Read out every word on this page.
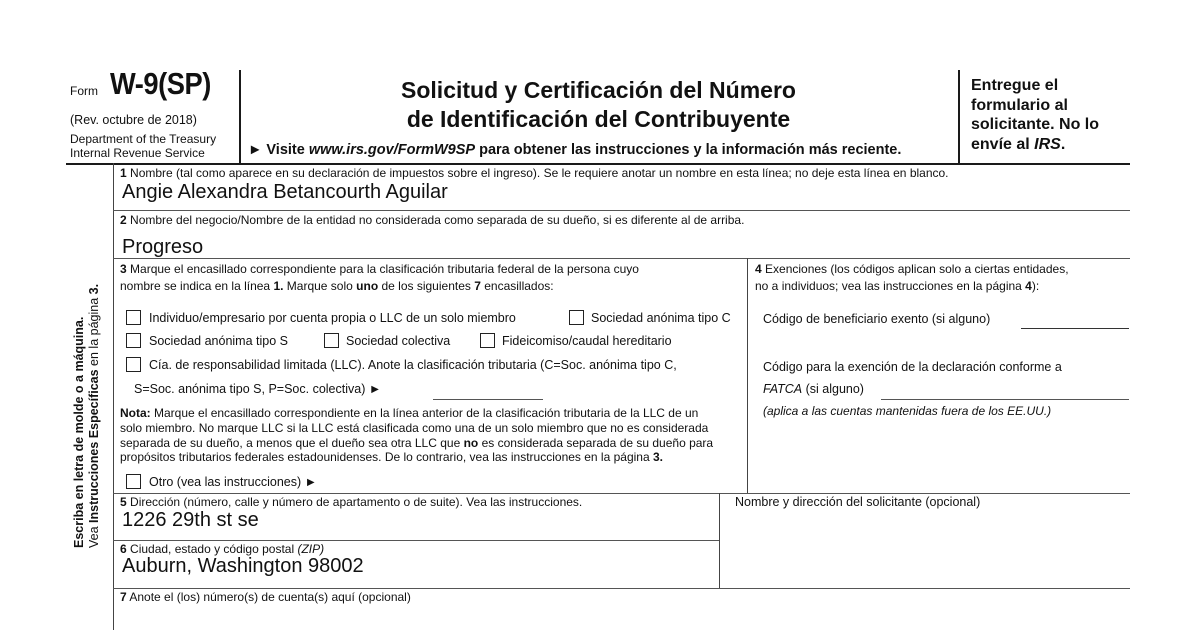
Form W-9(SP)
(Rev. octubre de 2018)
Department of the Treasury
Internal Revenue Service
Solicitud y Certificación del Número
de Identificación del Contribuyente
► Visite www.irs.gov/FormW9SP para obtener las instrucciones y la información más reciente.
Entregue el
formulario al
solicitante. No lo
envíe al IRS.
Escriba en letra de molde o a máquina. Vea Instrucciones Específicas en la página 3.
1 Nombre (tal como aparece en su declaración de impuestos sobre el ingreso). Se le requiere anotar un nombre en esta línea; no deje esta línea en blanco.
Angie Alexandra Betancourth Aguilar
2 Nombre del negocio/Nombre de la entidad no considerada como separada de su dueño, si es diferente al de arriba.
Progreso
3 Marque el encasillado correspondiente para la clasificación tributaria federal de la persona cuyo
nombre se indica en la línea 1. Marque solo uno de los siguientes 7 encasillados:
Individuo/empresario por cuenta propia o LLC de un solo miembro	Sociedad anónima tipo C
Sociedad anónima tipo S	Sociedad colectiva	Fideicomiso/caudal hereditario
Cía. de responsabilidad limitada (LLC). Anote la clasificación tributaria (C=Soc. anónima tipo C,
S=Soc. anónima tipo S, P=Soc. colectiva) ►
Nota: Marque el encasillado correspondiente en la línea anterior de la clasificación tributaria de la LLC de un
solo miembro. No marque LLC si la LLC está clasificada como una de un solo miembro que no es considerada
separada de su dueño, a menos que el dueño sea otra LLC que no es considerada separada de su dueño para
propósitos tributarios federales estadounidenses. De lo contrario, vea las instrucciones en la página 3.
Otro (vea las instrucciones) ►
4 Exenciones (los códigos aplican solo a ciertas entidades,
no a individuos; vea las instrucciones en la página 4):
Código de beneficiario exento (si alguno)
Código para la exención de la declaración conforme a
FATCA (si alguno)
(aplica a las cuentas mantenidas fuera de los EE.UU.)
5 Dirección (número, calle y número de apartamento o de suite). Vea las instrucciones.
1226 29th st se
6 Ciudad, estado y código postal (ZIP)
Auburn, Washington 98002
Nombre y dirección del solicitante (opcional)
7 Anote el (los) número(s) de cuenta(s) aquí (opcional)
